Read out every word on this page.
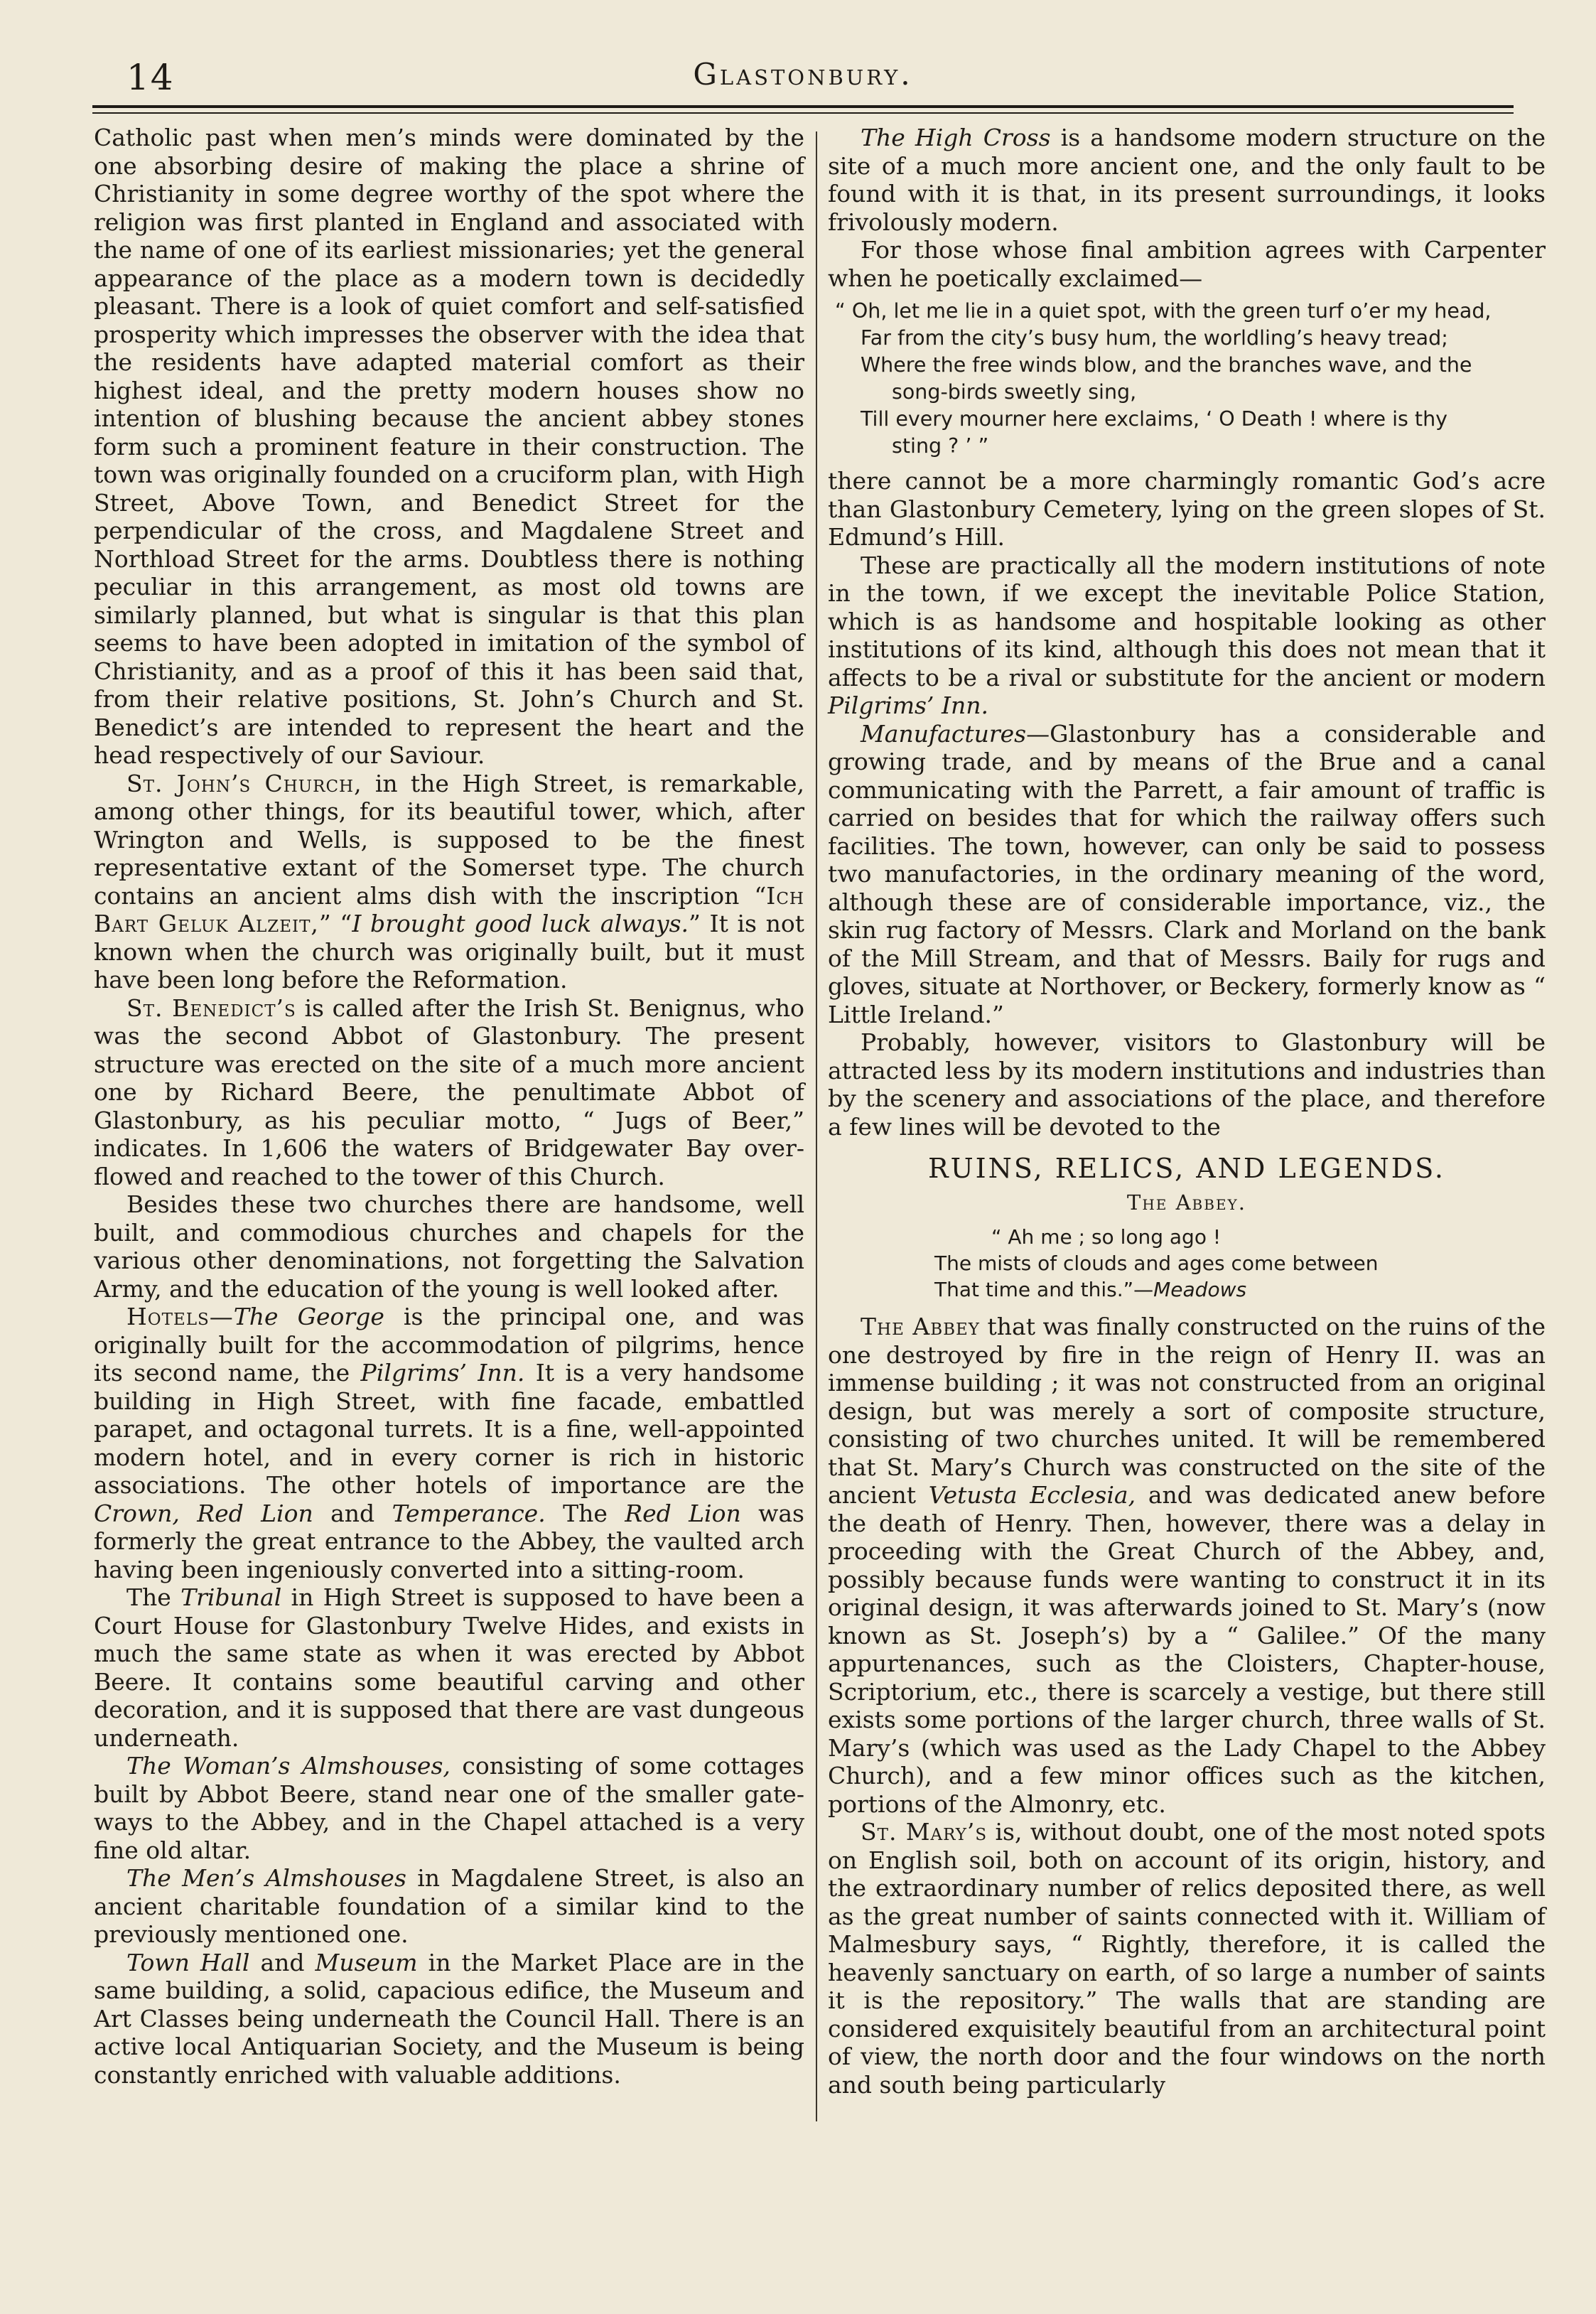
14	Glastonbury.

Catholic past when men’s minds were dominated by the one absorbing desire of making the place a shrine of Christianity in some degree worthy of the spot where the religion was first planted in England and associated with the name of one of its earliest missionaries; yet the general appearance of the place as a modern town is decidedly pleasant. There is a look of quiet comfort and self-satisfied prosperity which impresses the observer with the idea that the residents have adapted material comfort as their highest ideal, and the pretty modern houses show no intention of blushing because the ancient abbey stones form such a prominent feature in their construction. The town was originally founded on a cruciform plan, with High Street, Above Town, and Benedict Street for the perpendicular of the cross, and Magdalene Street and Northload Street for the arms. Doubtless there is nothing peculiar in this arrangement, as most old towns are similarly planned, but what is singular is that this plan seems to have been adopted in imitation of the symbol of Christianity, and as a proof of this it has been said that, from their relative positions, St. John’s Church and St. Benedict’s are intended to represent the heart and the head respectively of our Saviour.

St. John’s Church, in the High Street, is remarkable, among other things, for its beautiful tower, which, after Wrington and Wells, is supposed to be the finest representative extant of the Somerset type. The church contains an ancient alms dish with the inscription “Ich Bart Geluk Alzeit,” “I brought good luck always.” It is not known when the church was originally built, but it must have been long before the Reformation.

St. Benedict’s is called after the Irish St. Benignus, who was the second Abbot of Glastonbury. The present structure was erected on the site of a much more ancient one by Richard Beere, the penultimate Abbot of Glastonbury, as his peculiar motto, “ Jugs of Beer,” indicates. In 1,606 the waters of Bridgewater Bay over-flowed and reached to the tower of this Church.

Besides these two churches there are handsome, well built, and commodious churches and chapels for the various other denominations, not forgetting the Salvation Army, and the education of the young is well looked after.

Hotels—The George is the principal one, and was originally built for the accommodation of pilgrims, hence its second name, the Pilgrims’ Inn. It is a very handsome building in High Street, with fine facade, embattled parapet, and octagonal turrets. It is a fine, well-appointed modern hotel, and in every corner is rich in historic associations. The other hotels of importance are the Crown, Red Lion and Temperance. The Red Lion was formerly the great entrance to the Abbey, the vaulted arch having been ingeniously converted into a sitting-room.

The Tribunal in High Street is supposed to have been a Court House for Glastonbury Twelve Hides, and exists in much the same state as when it was erected by Abbot Beere. It contains some beautiful carving and other decoration, and it is supposed that there are vast dungeous underneath.

The Woman’s Almshouses, consisting of some cottages built by Abbot Beere, stand near one of the smaller gate-ways to the Abbey, and in the Chapel attached is a very fine old altar.

The Men’s Almshouses in Magdalene Street, is also an ancient charitable foundation of a similar kind to the previously mentioned one.

Town Hall and Museum in the Market Place are in the same building, a solid, capacious edifice, the Museum and Art Classes being underneath the Council Hall. There is an active local Antiquarian Society, and the Museum is being constantly enriched with valuable additions.

The High Cross is a handsome modern structure on the site of a much more ancient one, and the only fault to be found with it is that, in its present surroundings, it looks frivolously modern.

For those whose final ambition agrees with Carpenter when he poetically exclaimed—

“ Oh, let me lie in a quiet spot, with the green turf o’er my head,
Far from the city’s busy hum, the worldling’s heavy tread;
Where the free winds blow, and the branches wave, and the
song-birds sweetly sing,
Till every mourner here exclaims, ‘ O Death ! where is thy
sting ? ’ ”

there cannot be a more charmingly romantic God’s acre than Glastonbury Cemetery, lying on the green slopes of St. Edmund’s Hill.

These are practically all the modern institutions of note in the town, if we except the inevitable Police Station, which is as handsome and hospitable looking as other institutions of its kind, although this does not mean that it affects to be a rival or substitute for the ancient or modern Pilgrims’ Inn.

Manufactures—Glastonbury has a considerable and growing trade, and by means of the Brue and a canal communicating with the Parrett, a fair amount of traffic is carried on besides that for which the railway offers such facilities. The town, however, can only be said to possess two manufactories, in the ordinary meaning of the word, although these are of considerable importance, viz., the skin rug factory of Messrs. Clark and Morland on the bank of the Mill Stream, and that of Messrs. Baily for rugs and gloves, situate at Northover, or Beckery, formerly know as “ Little Ireland.”

Probably, however, visitors to Glastonbury will be attracted less by its modern institutions and industries than by the scenery and associations of the place, and therefore a few lines will be devoted to the

RUINS, RELICS, AND LEGENDS.
The Abbey.
“ Ah me ; so long ago !
The mists of clouds and ages come between
That time and this.”—Meadows

The Abbey that was finally constructed on the ruins of the one destroyed by fire in the reign of Henry II. was an immense building ; it was not constructed from an original design, but was merely a sort of composite structure, consisting of two churches united. It will be remembered that St. Mary’s Church was constructed on the site of the ancient Vetusta Ecclesia, and was dedicated anew before the death of Henry. Then, however, there was a delay in proceeding with the Great Church of the Abbey, and, possibly because funds were wanting to construct it in its original design, it was afterwards joined to St. Mary’s (now known as St. Joseph’s) by a “ Galilee.” Of the many appurtenances, such as the Cloisters, Chapter-house, Scriptorium, etc., there is scarcely a vestige, but there still exists some portions of the larger church, three walls of St. Mary’s (which was used as the Lady Chapel to the Abbey Church), and a few minor offices such as the kitchen, portions of the Almonry, etc.

St. Mary’s is, without doubt, one of the most noted spots on English soil, both on account of its origin, history, and the extraordinary number of relics deposited there, as well as the great number of saints connected with it. William of Malmesbury says, “ Rightly, therefore, it is called the heavenly sanctuary on earth, of so large a number of saints it is the repository.” The walls that are standing are considered exquisitely beautiful from an architectural point of view, the north door and the four windows on the north and south being particularly
